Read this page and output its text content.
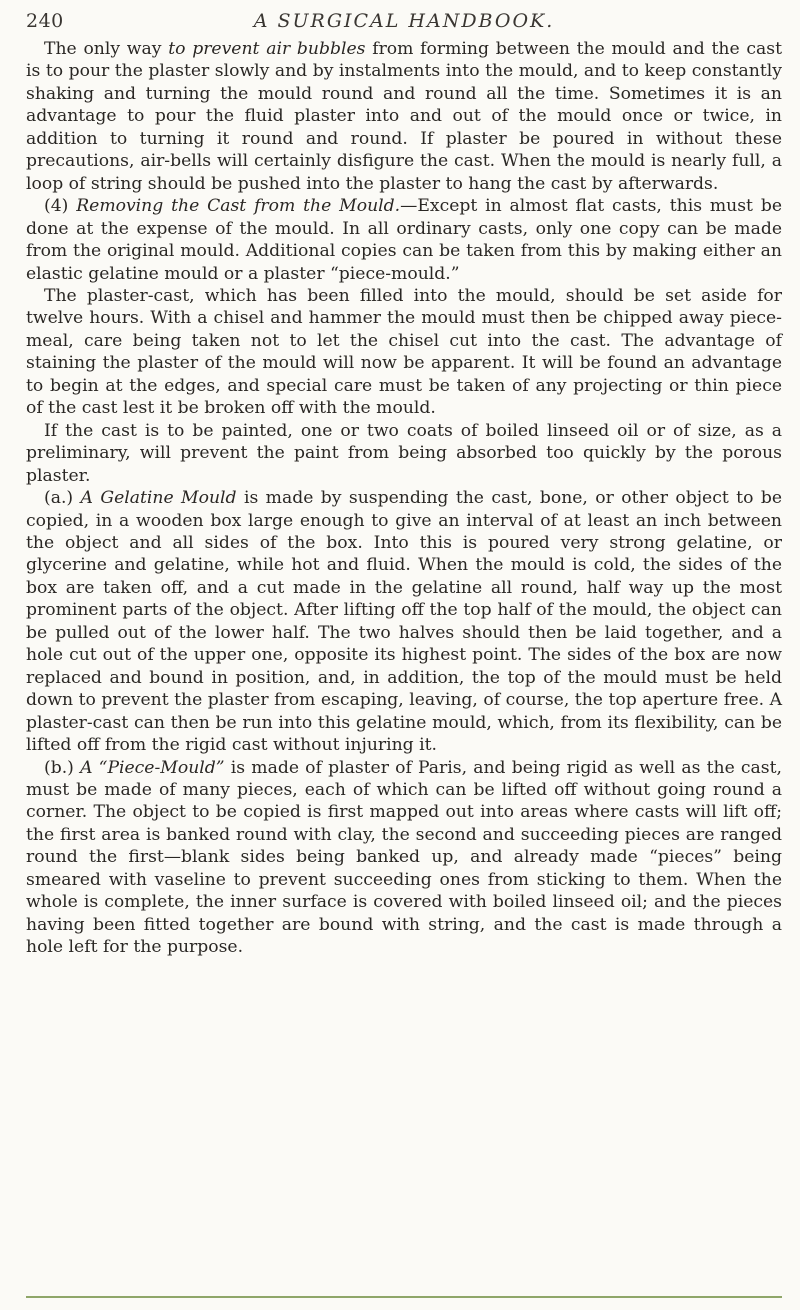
240	A SURGICAL HANDBOOK.

The only way to prevent air bubbles from forming between the mould and the cast is to pour the plaster slowly and by instalments into the mould, and to keep constantly shaking and turning the mould round and round all the time. Sometimes it is an advantage to pour the fluid plaster into and out of the mould once or twice, in addition to turning it round and round. If plaster be poured in without these precautions, air-bells will certainly disfigure the cast. When the mould is nearly full, a loop of string should be pushed into the plaster to hang the cast by afterwards.

(4) Removing the Cast from the Mould.—Except in almost flat casts, this must be done at the expense of the mould. In all ordinary casts, only one copy can be made from the original mould. Additional copies can be taken from this by making either an elastic gelatine mould or a plaster “piece-mould.”

The plaster-cast, which has been filled into the mould, should be set aside for twelve hours. With a chisel and hammer the mould must then be chipped away piece-meal, care being taken not to let the chisel cut into the cast. The advantage of staining the plaster of the mould will now be apparent. It will be found an advantage to begin at the edges, and special care must be taken of any projecting or thin piece of the cast lest it be broken off with the mould.

If the cast is to be painted, one or two coats of boiled linseed oil or of size, as a preliminary, will prevent the paint from being absorbed too quickly by the porous plaster.

(a.) A Gelatine Mould is made by suspending the cast, bone, or other object to be copied, in a wooden box large enough to give an interval of at least an inch between the object and all sides of the box. Into this is poured very strong gelatine, or glycerine and gelatine, while hot and fluid. When the mould is cold, the sides of the box are taken off, and a cut made in the gelatine all round, half way up the most prominent parts of the object. After lifting off the top half of the mould, the object can be pulled out of the lower half. The two halves should then be laid together, and a hole cut out of the upper one, opposite its highest point. The sides of the box are now replaced and bound in position, and, in addition, the top of the mould must be held down to prevent the plaster from escaping, leaving, of course, the top aperture free. A plaster-cast can then be run into this gelatine mould, which, from its flexibility, can be lifted off from the rigid cast without injuring it.

(b.) A “Piece-Mould” is made of plaster of Paris, and being rigid as well as the cast, must be made of many pieces, each of which can be lifted off without going round a corner. The object to be copied is first mapped out into areas where casts will lift off; the first area is banked round with clay, the second and succeeding pieces are ranged round the first—blank sides being banked up, and already made “pieces” being smeared with vaseline to prevent succeeding ones from sticking to them. When the whole is complete, the inner surface is covered with boiled linseed oil; and the pieces having been fitted together are bound with string, and the cast is made through a hole left for the purpose.
